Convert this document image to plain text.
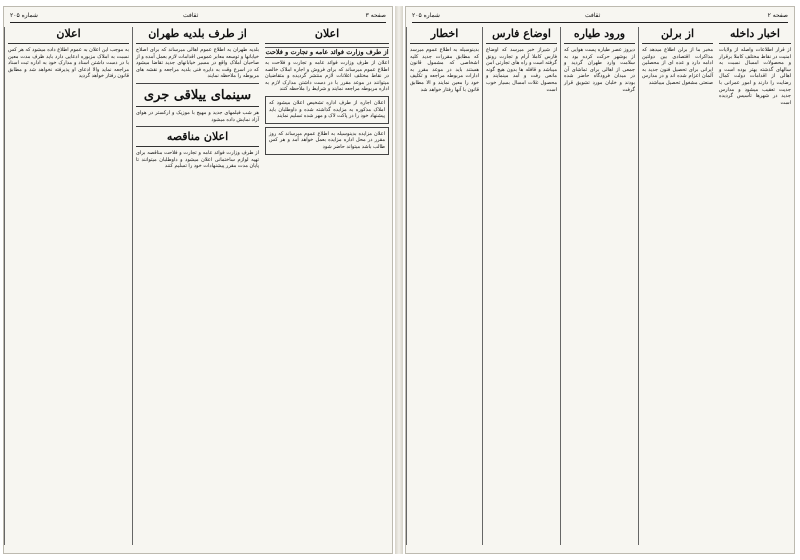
صفحه ۳
ثقافت
شماره ۲۰۵
اعلان
از طرف وزارت فوائد عامه و تجارت و فلاحت
اعلان از طرف وزارت فوائد عامه و تجارت و فلاحت به اطلاع عموم میرساند که برای فروش و اجاره املاک خالصه در نقاط مختلف اعلانات لازم منتشر گردیده و متقاضیان میتوانند در موعد مقرر با در دست داشتن مدارک لازم به اداره مربوطه مراجعه نمایند و شرایط را ملاحظه کنند
اعلان اجاره از طرف اداره تشخیص اعلان میشود که املاک مذکوره به مزایده گذاشته شده و داوطلبان باید پیشنهاد خود را در پاکت لاک و مهر شده تسلیم نمایند
اعلان مزایده بدینوسیله به اطلاع عموم میرساند که روز مقرر در محل اداره مزایده بعمل خواهد آمد و هر کس طالب باشد میتواند حاضر شود
از طرف بلدیه طهران
بلدیه طهران به اطلاع عموم اهالی میرساند که برای اصلاح خیابانها و توسعه معابر عمومی اقدامات لازم بعمل آمده و از صاحبان املاک واقع در مسیر خیابانهای جدید تقاضا میشود که در اسرع وقت به دایره فنی بلدیه مراجعه و نقشه های مربوطه را ملاحظه نمایند
سینمای ییلاقی جری
هر شب فیلمهای جدید و مهیج با موزیک و ارکستر در هوای آزاد نمایش داده میشود
اعلان مناقصه
از طرف وزارت فوائد عامه و تجارت و فلاحت مناقصه برای تهیه لوازم ساختمانی اعلان میشود و داوطلبان میتوانند تا پایان مدت مقرر پیشنهادات خود را تسلیم کنند
اعلان
به موجب این اعلان به عموم اطلاع داده میشود که هر کس نسبت به املاک مزبوره ادعایی دارد باید ظرف مدت معین با در دست داشتن اسناد و مدارک خود به اداره ثبت اسناد مراجعه نماید والا ادعای او پذیرفته نخواهد شد و مطابق قانون رفتار خواهد گردید
صفحه ۲
ثقافت
شماره ۲۰۵
اخبار داخله
از قرار اطلاعات واصله از ولایات امنیت در نقاط مختلف کاملا برقرار و محصولات امسال نسبت به سالهای گذشته بهتر بوده است و اهالی از اقدامات دولت کمال رضایت را دارند و امور عمرانی با جدیت تعقیب میشود و مدارس جدید در شهرها تأسیس گردیده است
از برلن
مخبر ما از برلن اطلاع میدهد که مذاکرات اقتصادی بین دولتین ادامه دارد و عده ای از محصلین ایرانی برای تحصیل فنون جدید به آلمان اعزام شده اند و در مدارس صنعتی مشغول تحصیل میباشند
ورود طیاره
دیروز عصر طیاره پست هوایی که از بوشهر حرکت کرده بود به سلامت وارد طهران گردید و جمعی از اهالی برای تماشای آن در میدان فرودگاه حاضر شده بودند و خلبان مورد تشویق قرار گرفت
اوضاع فارس
از شیراز خبر میرسد که اوضاع فارس کاملا آرام و تجارت رونق گرفته است و راه های تجارتی امن میباشد و قافله ها بدون هیچ گونه مانعی رفت و آمد مینمایند و محصول غلات امسال بسیار خوب است
اخطار
بدینوسیله به اطلاع عموم میرسد که مطابق مقررات جدید کلیه اشخاصی که مشمول قانون هستند باید در موعد مقرر به ادارات مربوطه مراجعه و تکلیف خود را معین نمایند و الا مطابق قانون با آنها رفتار خواهد شد
